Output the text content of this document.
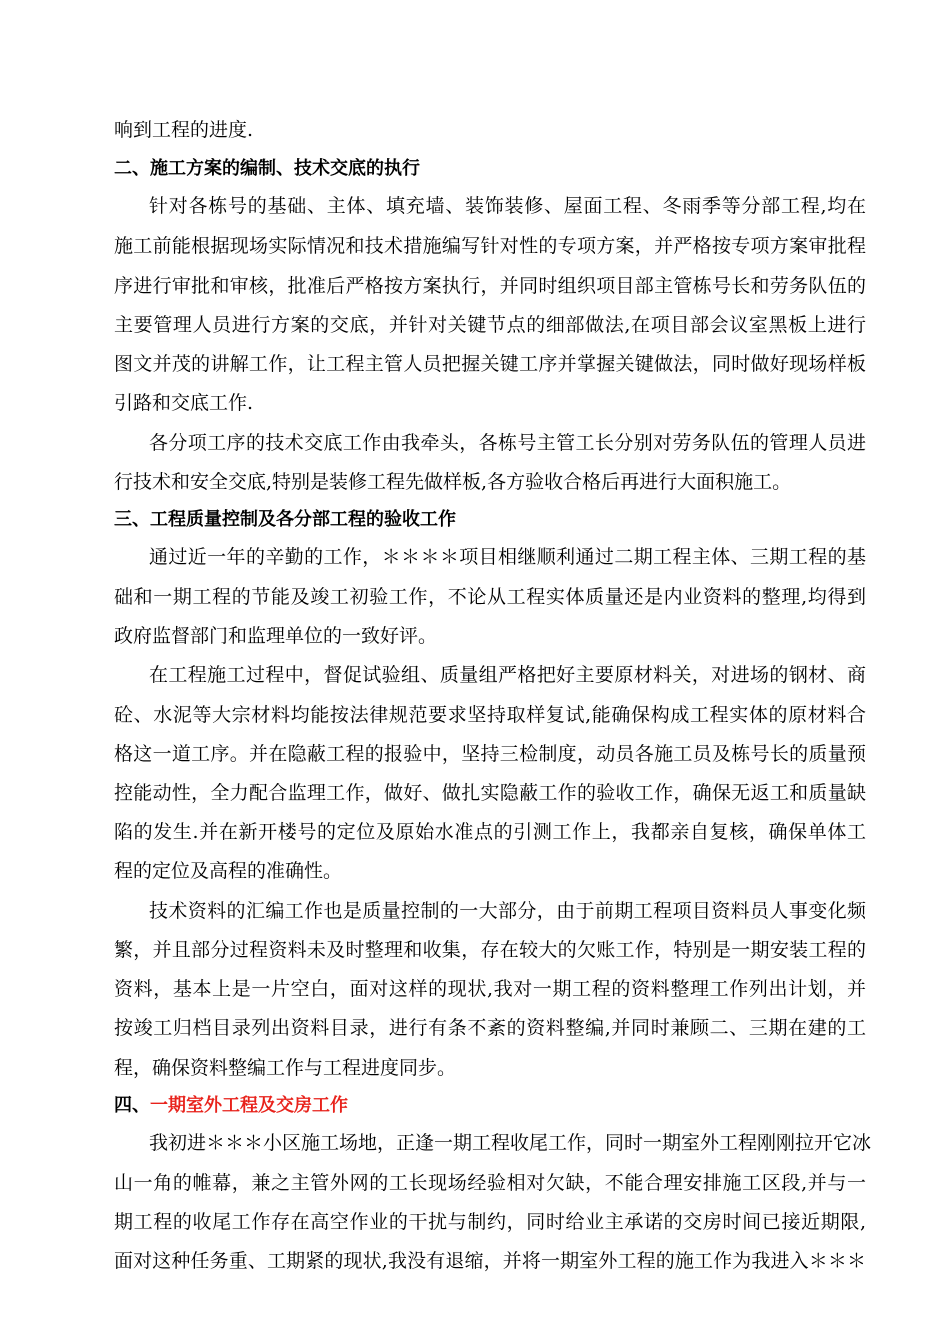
响到工程的进度.
二、施工方案的编制、技术交底的执行
针对各栋号的基础、主体、填充墙、装饰装修、屋面工程、冬雨季等分部工程,均在
施工前能根据现场实际情况和技术措施编写针对性的专项方案，并严格按专项方案审批程
序进行审批和审核，批准后严格按方案执行，并同时组织项目部主管栋号长和劳务队伍的
主要管理人员进行方案的交底，并针对关键节点的细部做法,在项目部会议室黑板上进行
图文并茂的讲解工作，让工程主管人员把握关键工序并掌握关键做法，同时做好现场样板
引路和交底工作.
各分项工序的技术交底工作由我牵头，各栋号主管工长分别对劳务队伍的管理人员进
行技术和安全交底,特别是装修工程先做样板,各方验收合格后再进行大面积施工。
三、工程质量控制及各分部工程的验收工作
通过近一年的辛勤的工作，＊＊＊＊项目相继顺利通过二期工程主体、三期工程的基
础和一期工程的节能及竣工初验工作，不论从工程实体质量还是内业资料的整理,均得到
政府监督部门和监理单位的一致好评。
在工程施工过程中，督促试验组、质量组严格把好主要原材料关，对进场的钢材、商
砼、水泥等大宗材料均能按法律规范要求坚持取样复试,能确保构成工程实体的原材料合
格这一道工序。并在隐蔽工程的报验中，坚持三检制度，动员各施工员及栋号长的质量预
控能动性，全力配合监理工作，做好、做扎实隐蔽工作的验收工作，确保无返工和质量缺
陷的发生.并在新开楼号的定位及原始水准点的引测工作上，我都亲自复核，确保单体工
程的定位及高程的准确性。
技术资料的汇编工作也是质量控制的一大部分，由于前期工程项目资料员人事变化频
繁，并且部分过程资料未及时整理和收集，存在较大的欠账工作，特别是一期安装工程的
资料，基本上是一片空白，面对这样的现状,我对一期工程的资料整理工作列出计划，并
按竣工归档目录列出资料目录，进行有条不紊的资料整编,并同时兼顾二、三期在建的工
程，确保资料整编工作与工程进度同步。
四、一期室外工程及交房工作
我初进＊＊＊小区施工场地，正逢一期工程收尾工作，同时一期室外工程刚刚拉开它冰
山一角的帷幕，兼之主管外网的工长现场经验相对欠缺，不能合理安排施工区段,并与一
期工程的收尾工作存在高空作业的干扰与制约，同时给业主承诺的交房时间已接近期限,
面对这种任务重、工期紧的现状,我没有退缩，并将一期室外工程的施工作为我进入＊＊＊
